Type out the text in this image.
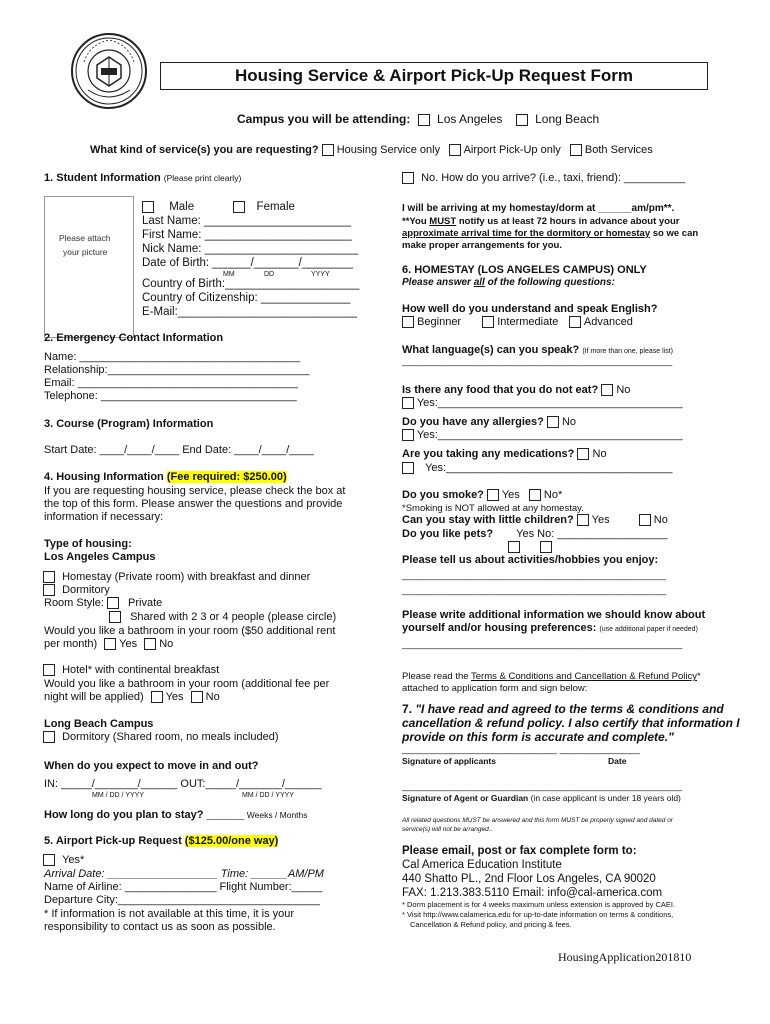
Housing Service & Airport Pick-Up Request Form
Campus you will be attending: Los Angeles	Long Beach
What kind of service(s) you are requesting? Housing Service only Airport Pick-Up only Both Services
1. Student Information (Please print clearly)
Please attach
your picture
Male	Female
Last Name: _______________________
First Name: _______________________
Nick Name: ________________________
Date of Birth: ______/_______/________
MM	DD	YYYY
Country of Birth:_____________________
Country of Citizenship: ______________
E-Mail:____________________________
2. Emergency Contact Information
Name: ____________________________________
Relationship:_________________________________
Email: ____________________________________
Telephone: ________________________________
3. Course (Program) Information
Start Date: ____/____/____ End Date: ____/____/____
4. Housing Information (Fee required: $250.00)
If you are requesting housing service, please check the box at
the top of this form. Please answer the questions and provide
information if necessary:
Type of housing:
Los Angeles Campus
Homestay (Private room) with breakfast and dinner
Dormitory
Room Style: Private
Shared with 2 3 or 4 people (please circle)
Would you like a bathroom in your room ($50 additional rent
per month) Yes No
Hotel* with continental breakfast
Would you like a bathroom in your room (additional fee per
night will be applied) Yes No
Long Beach Campus
Dormitory (Shared room, no meals included)
When do you expect to move in and out?
IN: _____/_______/______ OUT:_____/_______/______
MM / DD / YYYY	MM / DD / YYYY
How long do you plan to stay? ________ Weeks / Months
5. Airport Pick-up Request ($125.00/one way)
Yes*
Arrival Date: __________________ Time: ______AM/PM
Name of Airline: _______________ Flight Number:_____
Departure City:_________________________________
* If information is not available at this time, it is your
responsibility to contact us as soon as possible.
No. How do you arrive? (i.e., taxi, friend): __________
I will be arriving at my homestay/dorm at ______am/pm**.
**You MUST notify us at least 72 hours in advance about your
approximate arrival time for the dormitory or homestay so we can
make proper arrangements for you.
6. HOMESTAY (LOS ANGELES CAMPUS) ONLY
Please answer all of the following questions:
How well do you understand and speak English?
Beginner	Intermediate Advanced
What language(s) can you speak? (If more than one, please list)
______________________________________________________
Is there any food that you do not eat? No
Yes:________________________________________
Do you have any allergies? No
Yes:________________________________________
Are you taking any medications? No
Yes:_____________________________________
Do you smoke? Yes No*
*Smoking is NOT allowed at any homestay.
Can you stay with little children? Yes	No
Do you like pets? Yes No: __________________
Please tell us about activities/hobbies you enjoy:
__________________________________________________
__________________________________________________
Please write additional information we should know about
yourself and/or housing preferences: (use additional paper if needed)
________________________________________________________
Please read the Terms & Conditions and Cancellation & Refund Policy*
attached to application form and sign below:
7. "I have read and agreed to the terms & conditions and
cancellation & refund policy. I also certify that information I
provide on this form is accurate and complete."
_______________________________ ________________
Signature of applicants	Date
________________________________________________________
Signature of Agent or Guardian (in case applicant is under 18 years old)
All related questions MUST be answered and this form MUST be properly signed and dated or
service(s) will not be arranged..
Please email, post or fax complete form to:
Cal America Education Institute
440 Shatto PL., 2nd Floor Los Angeles, CA 90020
FAX: 1.213.383.5110 Email: info@cal-america.com
* Dorm placement is for 4 weeks maximum unless extension is approved by CAEI.
* Visit http://www.calamerica.edu for up-to-date information on terms & conditions,
Cancellation & Refund policy, and pricing & fees.
HousingApplication201810
